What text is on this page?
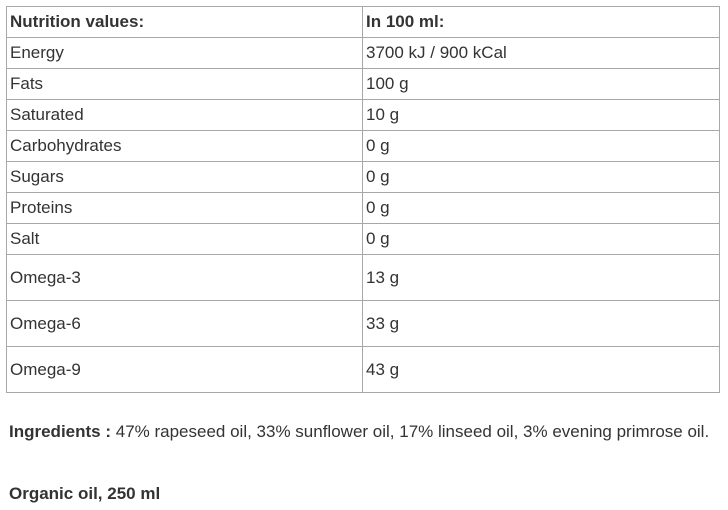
Nutrition values:	In 100 ml:
Energy	3700 kJ / 900 kCal
Fats	100 g
Saturated	10 g
Carbohydrates	0 g
Sugars	0 g
Proteins	0 g
Salt	0 g
Omega-3	13 g
Omega-6	33 g
Omega-9	43 g

Ingredients : 47% rapeseed oil, 33% sunflower oil, 17% linseed oil, 3% evening primrose oil.

Organic oil, 250 ml
